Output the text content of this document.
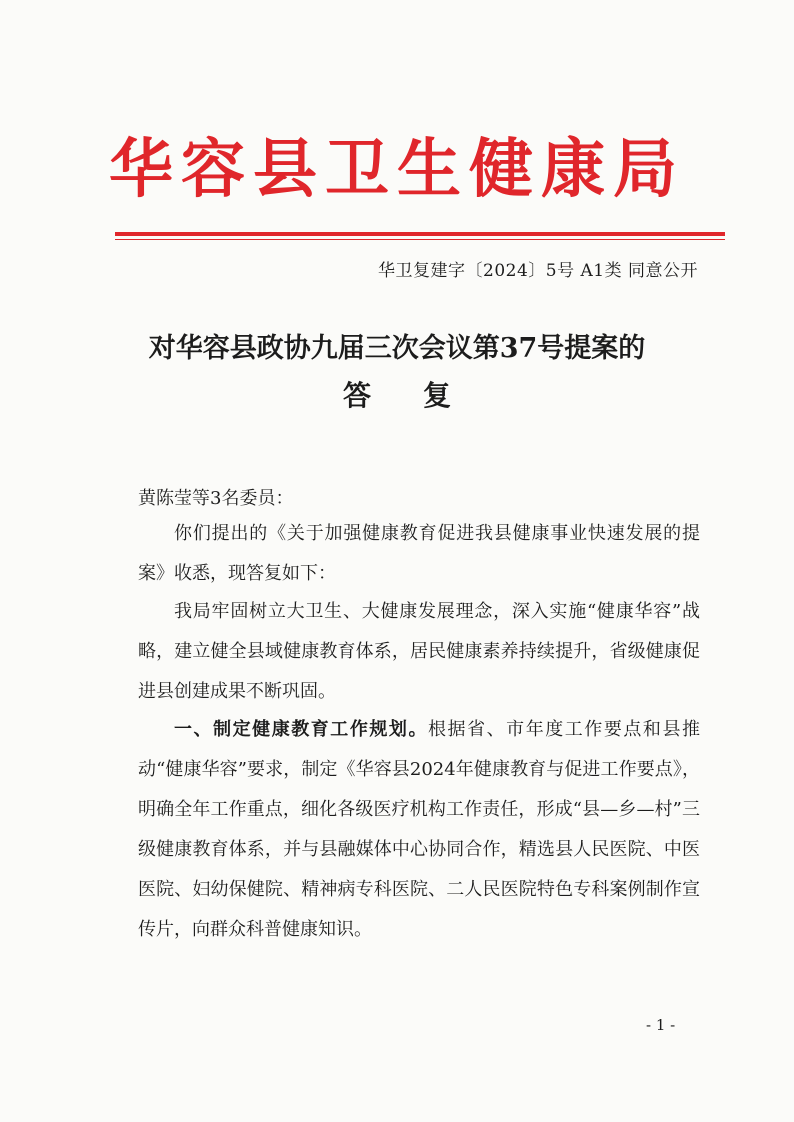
华容县卫生健康局
华卫复建字〔2024〕5号 A1类 同意公开
对华容县政协九届三次会议第37号提案的
答复
黄陈莹等3名委员：
你们提出的《关于加强健康教育促进我县健康事业快速发展的提案》收悉，现答复如下：
我局牢固树立大卫生、大健康发展理念，深入实施“健康华容”战略，建立健全县域健康教育体系，居民健康素养持续提升，省级健康促进县创建成果不断巩固。
一、制定健康教育工作规划。根据省、市年度工作要点和县推动“健康华容”要求，制定《华容县2024年健康教育与促进工作要点》，明确全年工作重点，细化各级医疗机构工作责任，形成“县—乡—村”三级健康教育体系，并与县融媒体中心协同合作，精选县人民医院、中医医院、妇幼保健院、精神病专科医院、二人民医院特色专科案例制作宣传片，向群众科普健康知识。
- 1 -
